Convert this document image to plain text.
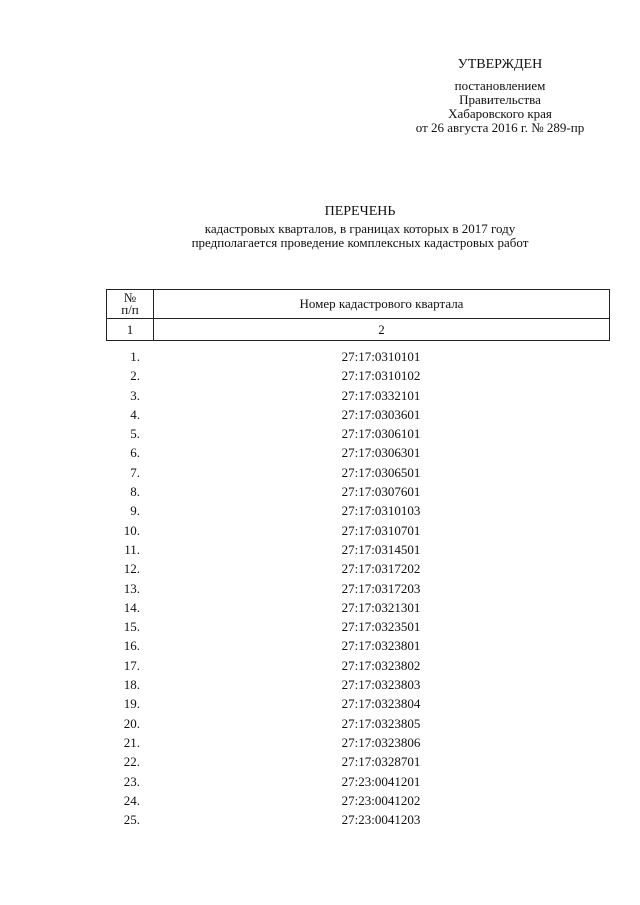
УТВЕРЖДЕН
постановлением
Правительства
Хабаровского края
от 26 августа 2016 г. № 289-пр
ПЕРЕЧЕНЬ
кадастровых кварталов, в границах которых в 2017 году
предполагается проведение комплексных кадастровых работ
№
п/п	Номер кадастрового квартала
1	2
1.	27:17:0310101
2.	27:17:0310102
3.	27:17:0332101
4.	27:17:0303601
5.	27:17:0306101
6.	27:17:0306301
7.	27:17:0306501
8.	27:17:0307601
9.	27:17:0310103
10.	27:17:0310701
11.	27:17:0314501
12.	27:17:0317202
13.	27:17:0317203
14.	27:17:0321301
15.	27:17:0323501
16.	27:17:0323801
17.	27:17:0323802
18.	27:17:0323803
19.	27:17:0323804
20.	27:17:0323805
21.	27:17:0323806
22.	27:17:0328701
23.	27:23:0041201
24.	27:23:0041202
25.	27:23:0041203
